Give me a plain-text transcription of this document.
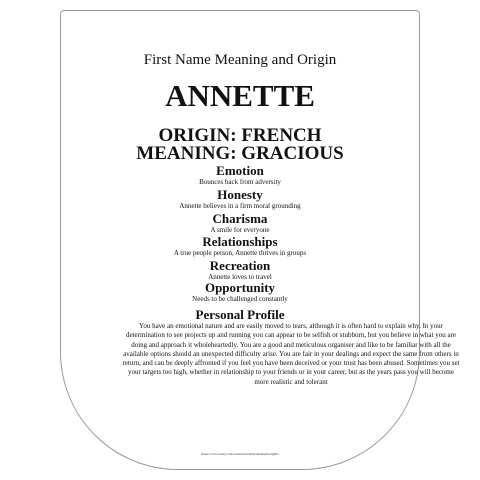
First Name Meaning and Origin
ANNETTE
ORIGIN: FRENCH
MEANING: GRACIOUS
Emotion
Bounces back from adversity
Honesty
Annette believes in a firm moral grounding
Charisma
A smile for everyone
Relationships
A true people person, Annette thrives in groups
Recreation
Annette loves to travel
Opportunity
Needs to be challenged constantly
Personal Profile
You have an emotional nature and are easily moved to tears, although it is often hard to explain why. In your determination to see projects up and running you can appear to be selfish or stubborn, but you believe in what you are doing and approach it wholeheartedly. You are a good and meticulous organiser and like to be familiar with all the available options should an unexpected difficulty arise. You are fair in your dealings and expect the same from others in return, and can be deeply affronted if you feel you have been deceived or your trust has been abused. Sometimes you set your targets too high, whether in relationship to your friends or in your career, but as the years pass you will become more realistic and tolerant
https://www.ebay.com.au/str/herzdeldyandmymelogifts
